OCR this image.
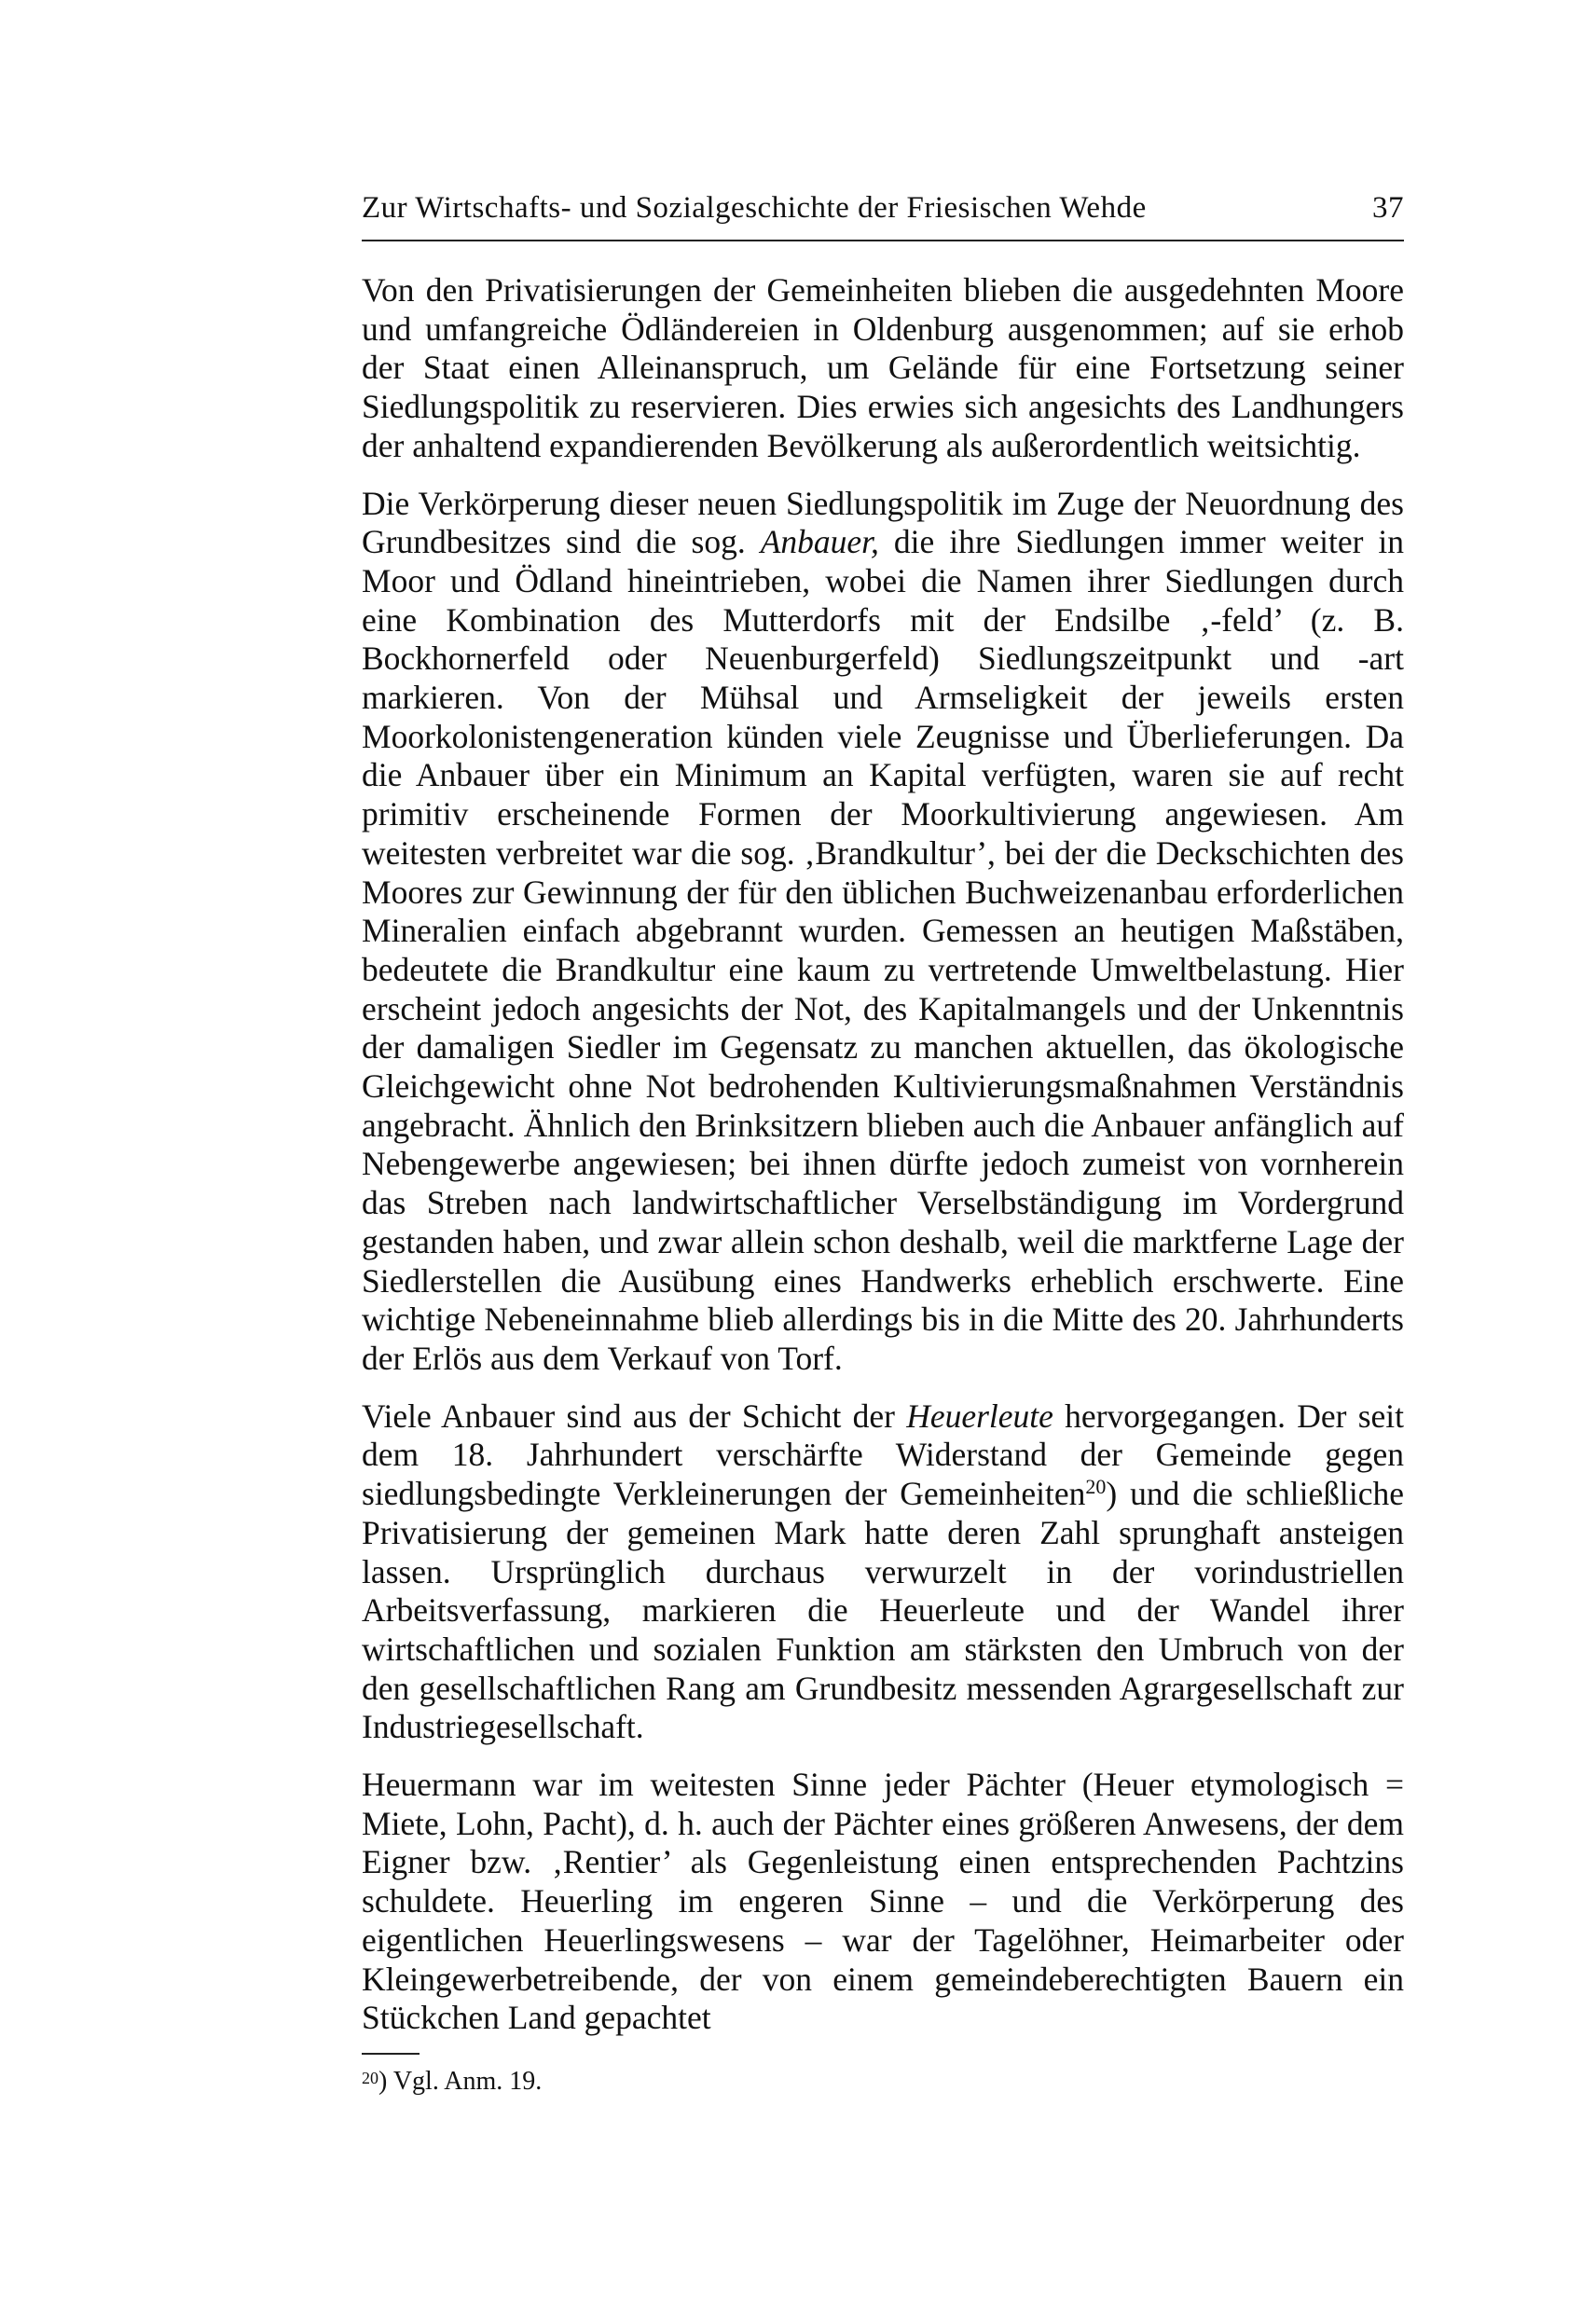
Zur Wirtschafts- und Sozialgeschichte der Friesischen Wehde	37

Von den Privatisierungen der Gemeinheiten blieben die ausgedehnten Moore und umfangreiche Ödländereien in Oldenburg ausgenommen; auf sie erhob der Staat einen Alleinanspruch, um Gelände für eine Fortsetzung seiner Siedlungspolitik zu reservieren. Dies erwies sich angesichts des Landhungers der anhaltend expandierenden Bevölkerung als außerordentlich weitsichtig.

Die Verkörperung dieser neuen Siedlungspolitik im Zuge der Neuordnung des Grundbesitzes sind die sog. Anbauer, die ihre Siedlungen immer weiter in Moor und Ödland hineintrieben, wobei die Namen ihrer Siedlungen durch eine Kombination des Mutterdorfs mit der Endsilbe ‚-feld’ (z. B. Bockhornerfeld oder Neuenburgerfeld) Siedlungszeitpunkt und -art markieren. Von der Mühsal und Armseligkeit der jeweils ersten Moorkolonistengeneration künden viele Zeugnisse und Überlieferungen. Da die Anbauer über ein Minimum an Kapital verfügten, waren sie auf recht primitiv erscheinende Formen der Moorkultivierung angewiesen. Am weitesten verbreitet war die sog. ‚Brandkultur’, bei der die Deckschichten des Moores zur Gewinnung der für den üblichen Buchweizenanbau erforderlichen Mineralien einfach abgebrannt wurden. Gemessen an heutigen Maßstäben, bedeutete die Brandkultur eine kaum zu vertretende Umweltbelastung. Hier erscheint jedoch angesichts der Not, des Kapitalmangels und der Unkenntnis der damaligen Siedler im Gegensatz zu manchen aktuellen, das ökologische Gleichgewicht ohne Not bedrohenden Kultivierungsmaßnahmen Verständnis angebracht. Ähnlich den Brinksitzern blieben auch die Anbauer anfänglich auf Nebengewerbe angewiesen; bei ihnen dürfte jedoch zumeist von vornherein das Streben nach landwirtschaftlicher Verselbständigung im Vordergrund gestanden haben, und zwar allein schon deshalb, weil die marktferne Lage der Siedlerstellen die Ausübung eines Handwerks erheblich erschwerte. Eine wichtige Nebeneinnahme blieb allerdings bis in die Mitte des 20. Jahrhunderts der Erlös aus dem Verkauf von Torf.

Viele Anbauer sind aus der Schicht der Heuerleute hervorgegangen. Der seit dem 18. Jahrhundert verschärfte Widerstand der Gemeinde gegen siedlungsbedingte Verkleinerungen der Gemeinheiten$^{20}$) und die schließliche Privatisierung der gemeinen Mark hatte deren Zahl sprunghaft ansteigen lassen. Ursprünglich durchaus verwurzelt in der vorindustriellen Arbeitsverfassung, markieren die Heuerleute und der Wandel ihrer wirtschaftlichen und sozialen Funktion am stärksten den Umbruch von der den gesellschaftlichen Rang am Grundbesitz messenden Agrargesellschaft zur Industriegesellschaft.

Heuermann war im weitesten Sinne jeder Pächter (Heuer etymologisch = Miete, Lohn, Pacht), d. h. auch der Pächter eines größeren Anwesens, der dem Eigner bzw. ‚Rentier’ als Gegenleistung einen entsprechenden Pachtzins schuldete. Heuerling im engeren Sinne – und die Verkörperung des eigentlichen Heuerlingswesens – war der Tagelöhner, Heimarbeiter oder Kleingewerbetreibende, der von einem gemeindeberechtigten Bauern ein Stückchen Land gepachtet

$^{20}$) Vgl. Anm. 19.
